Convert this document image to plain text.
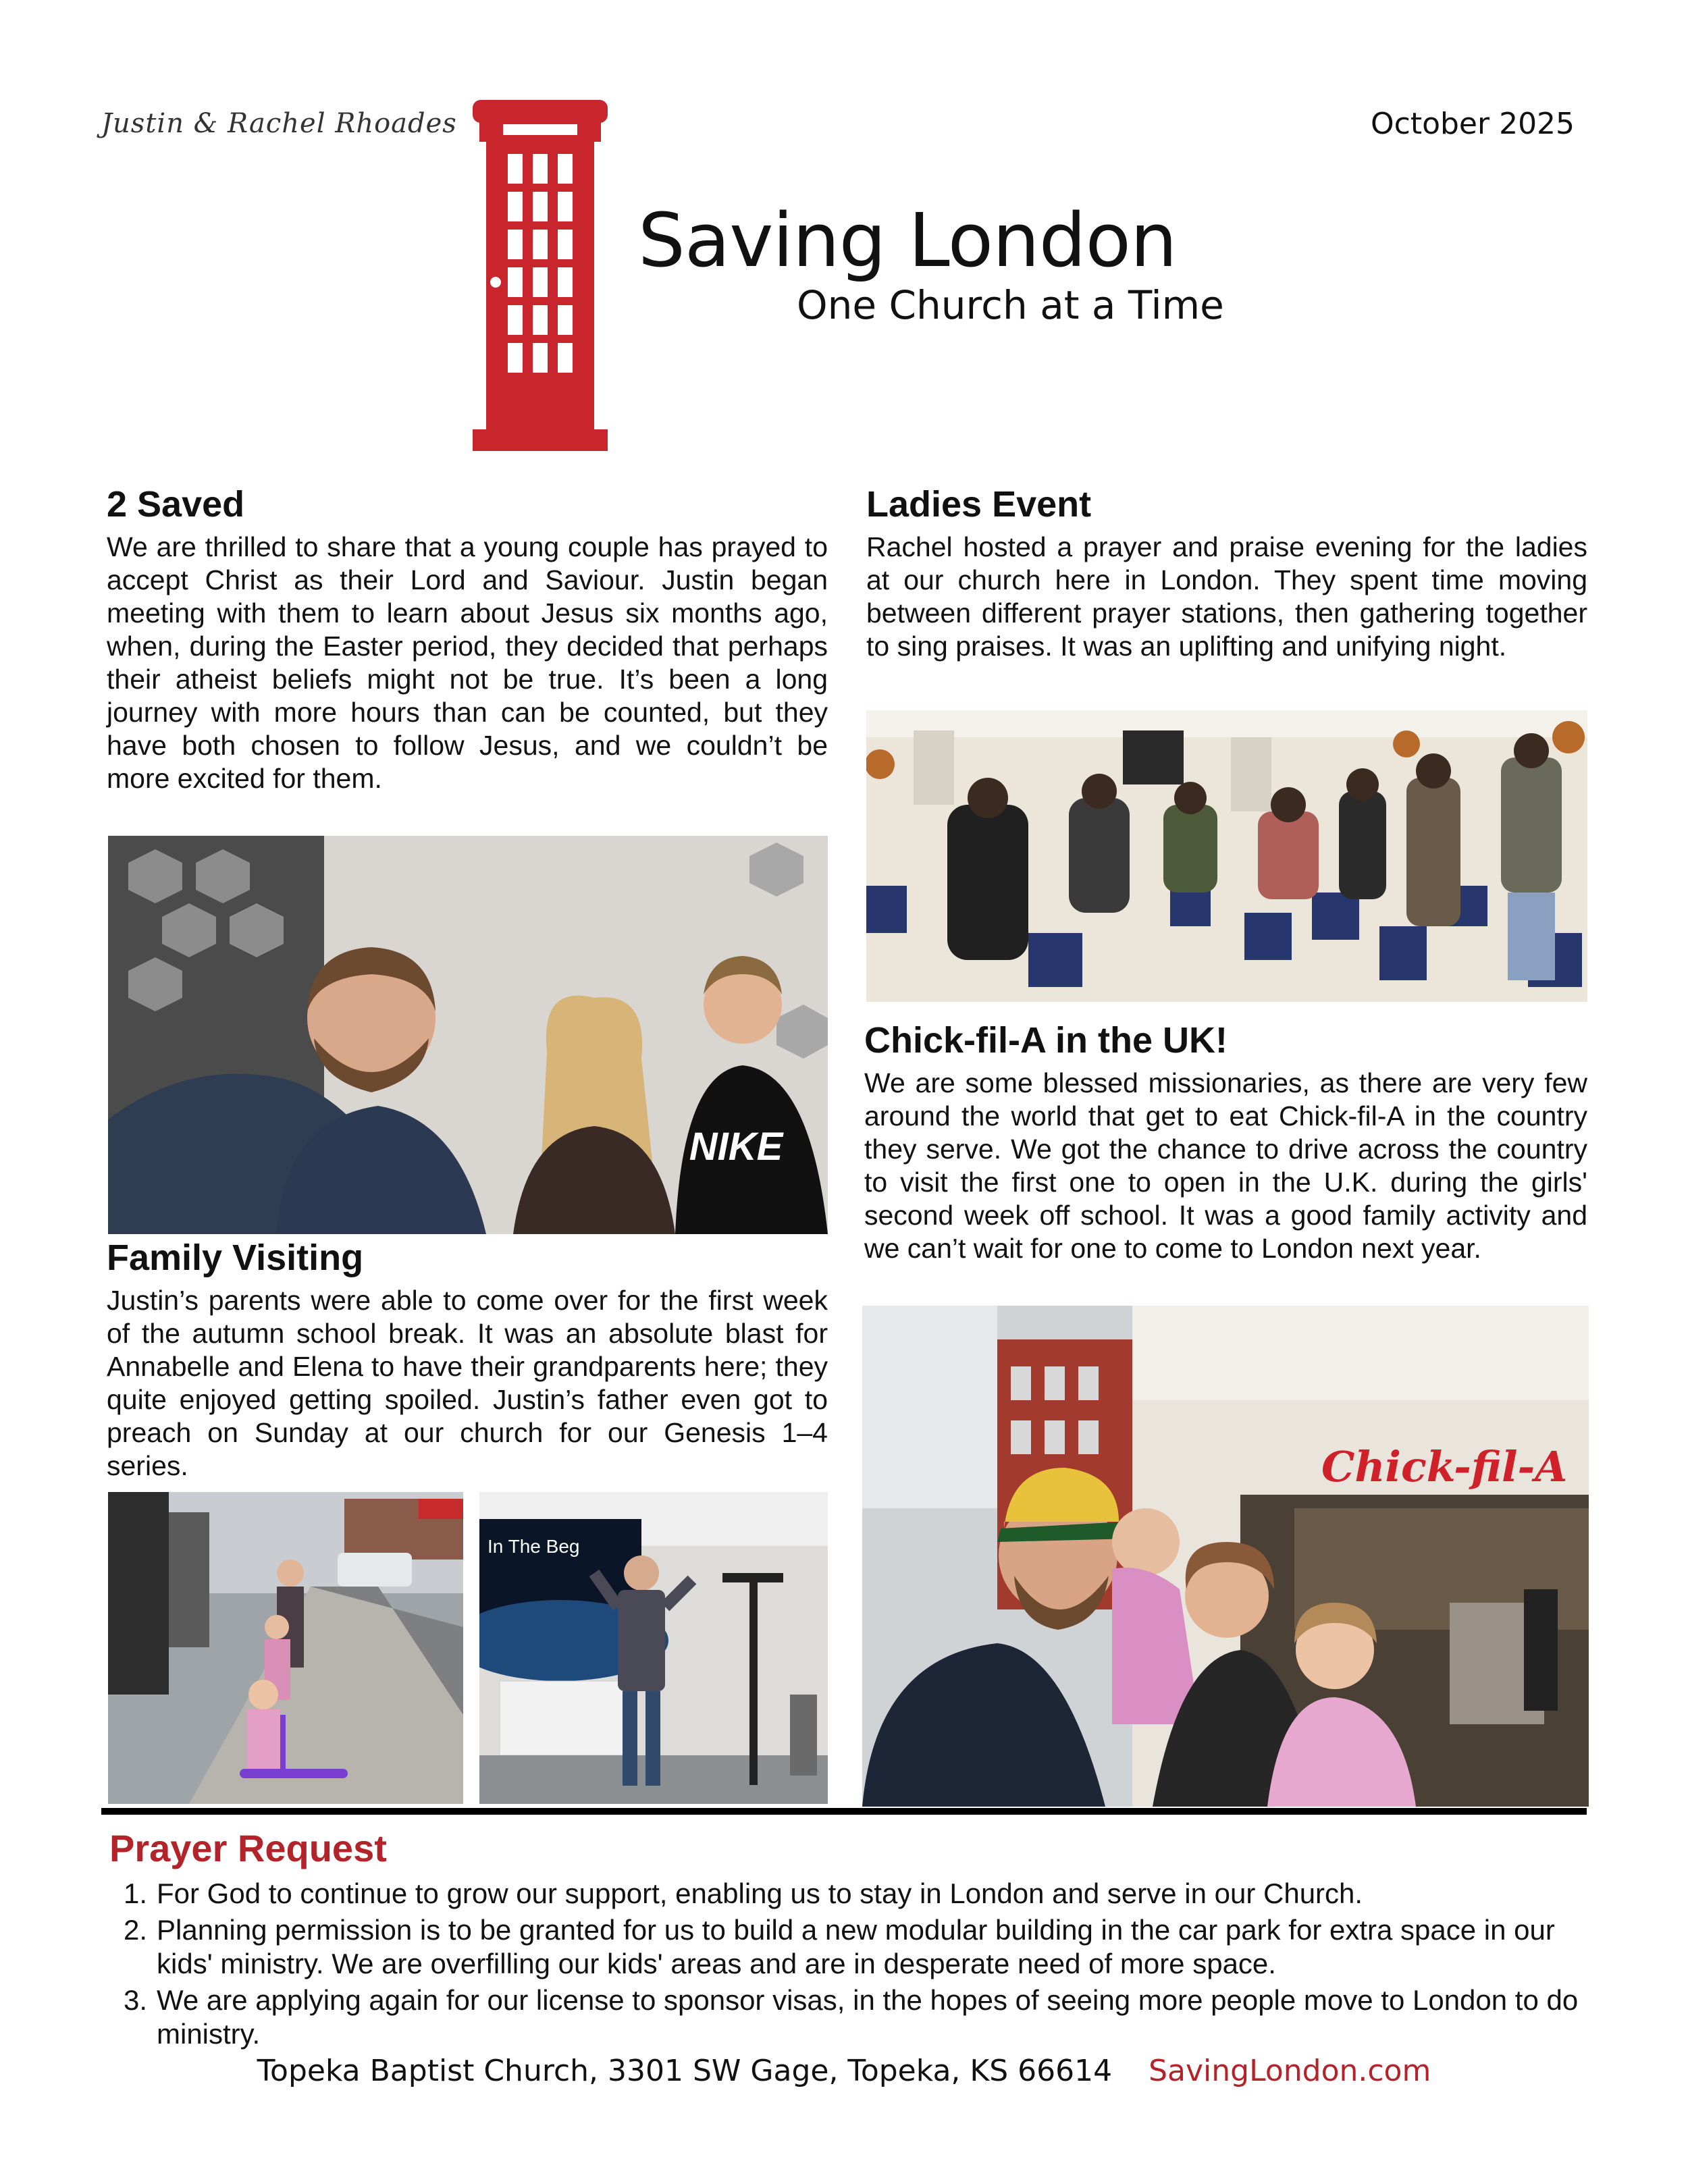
Justin & Rachel Rhoades	October 2025
Saving London
One Church at a Time
2 Saved
We are thrilled to share that a young couple has prayed to accept Christ as their Lord and Saviour. Justin began meeting with them to learn about Jesus six months ago, when, during the Easter period, they decided that perhaps their atheist beliefs might not be true. It’s been a long journey with more hours than can be counted, but they have both chosen to follow Jesus, and we couldn’t be more excited for them.
NIKE
Family Visiting
Justin’s parents were able to come over for the first week of the autumn school break. It was an absolute blast for Annabelle and Elena to have their grandparents here; they quite enjoyed getting spoiled. Justin’s father even got to preach on Sunday at our church for our Genesis 1–4 series.
In The Beg
Ladies Event
Rachel hosted a prayer and praise evening for the ladies at our church here in London. They spent time moving between different prayer stations, then gathering together to sing praises. It was an uplifting and unifying night.
Chick-fil-A in the UK!
We are some blessed missionaries, as there are very few around the world that get to eat Chick-fil-A in the country they serve. We got the chance to drive across the country to visit the first one to open in the U.K. during the girls' second week off school. It was a good family activity and we can’t wait for one to come to London next year.
Chick-fil-A
Prayer Request
1. For God to continue to grow our support, enabling us to stay in London and serve in our Church.
2. Planning permission is to be granted for us to build a new modular building in the car park for extra space in our kids' ministry. We are overfilling our kids' areas and are in desperate need of more space.
3. We are applying again for our license to sponsor visas, in the hopes of seeing more people move to London to do ministry.
Topeka Baptist Church, 3301 SW Gage, Topeka, KS 66614 SavingLondon.com
